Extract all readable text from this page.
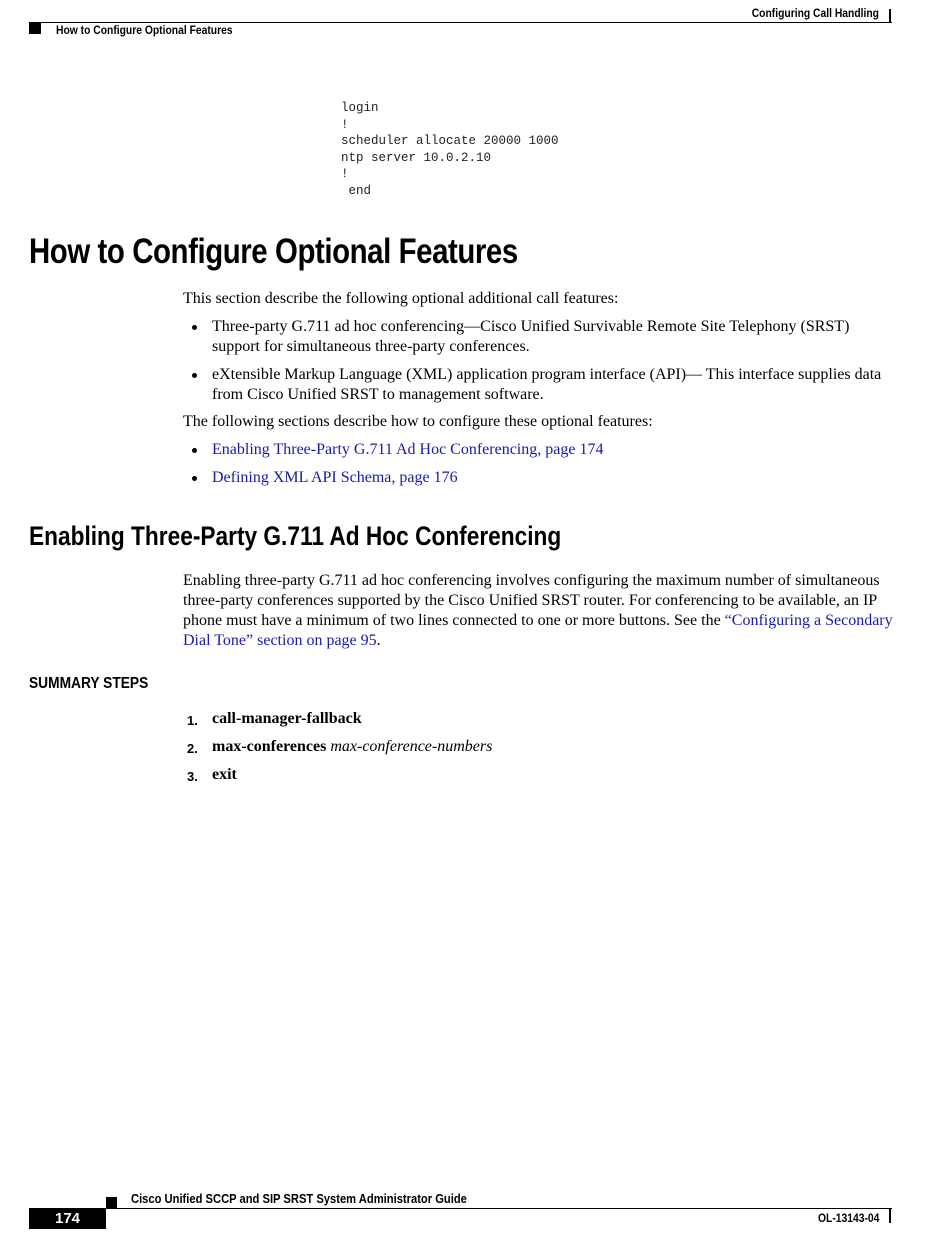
Configuring Call Handling
How to Configure Optional Features
login
!
scheduler allocate 20000 1000
ntp server 10.0.2.10
!
end
How to Configure Optional Features

This section describe the following optional additional call features:

Three-party G.711 ad hoc conferencing—Cisco Unified Survivable Remote Site Telephony (SRST) support for simultaneous three-party conferences.
eXtensible Markup Language (XML) application program interface (API)— This interface supplies data from Cisco Unified SRST to management software.

The following sections describe how to configure these optional features:

Enabling Three-Party G.711 Ad Hoc Conferencing, page 174
Defining XML API Schema, page 176
Enabling Three-Party G.711 Ad Hoc Conferencing

Enabling three-party G.711 ad hoc conferencing involves configuring the maximum number of simultaneous three-party conferences supported by the Cisco Unified SRST router. For conferencing to be available, an IP phone must have a minimum of two lines connected to one or more buttons. See the “Configuring a Secondary Dial Tone” section on page 95.

SUMMARY STEPS
1. call-manager-fallback
2. max-conferences max-conference-numbers
3. exit
Cisco Unified SCCP and SIP SRST System Administrator Guide
174	OL-13143-04
